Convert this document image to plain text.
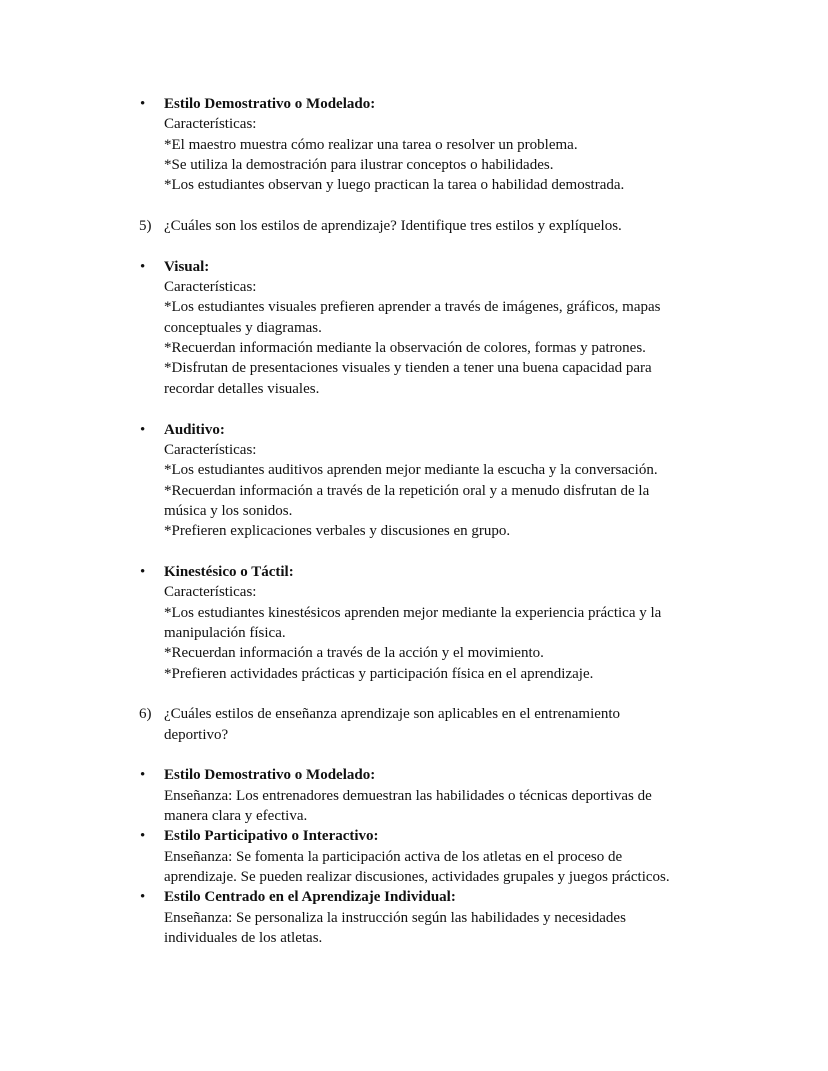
• Estilo Demostrativo o Modelado:
Características:
*El maestro muestra cómo realizar una tarea o resolver un problema.
*Se utiliza la demostración para ilustrar conceptos o habilidades.
*Los estudiantes observan y luego practican la tarea o habilidad demostrada.
5) ¿Cuáles son los estilos de aprendizaje? Identifique tres estilos y explíquelos.
• Visual:
Características:
*Los estudiantes visuales prefieren aprender a través de imágenes, gráficos, mapas
conceptuales y diagramas.
*Recuerdan información mediante la observación de colores, formas y patrones.
*Disfrutan de presentaciones visuales y tienden a tener una buena capacidad para
recordar detalles visuales.
• Auditivo:
Características:
*Los estudiantes auditivos aprenden mejor mediante la escucha y la conversación.
*Recuerdan información a través de la repetición oral y a menudo disfrutan de la
música y los sonidos.
*Prefieren explicaciones verbales y discusiones en grupo.
• Kinestésico o Táctil:
Características:
*Los estudiantes kinestésicos aprenden mejor mediante la experiencia práctica y la
manipulación física.
*Recuerdan información a través de la acción y el movimiento.
*Prefieren actividades prácticas y participación física en el aprendizaje.
6) ¿Cuáles estilos de enseñanza aprendizaje son aplicables en el entrenamiento
deportivo?
• Estilo Demostrativo o Modelado:
Enseñanza: Los entrenadores demuestran las habilidades o técnicas deportivas de
manera clara y efectiva.
• Estilo Participativo o Interactivo:
Enseñanza: Se fomenta la participación activa de los atletas en el proceso de
aprendizaje. Se pueden realizar discusiones, actividades grupales y juegos prácticos.
• Estilo Centrado en el Aprendizaje Individual:
Enseñanza: Se personaliza la instrucción según las habilidades y necesidades
individuales de los atletas.
